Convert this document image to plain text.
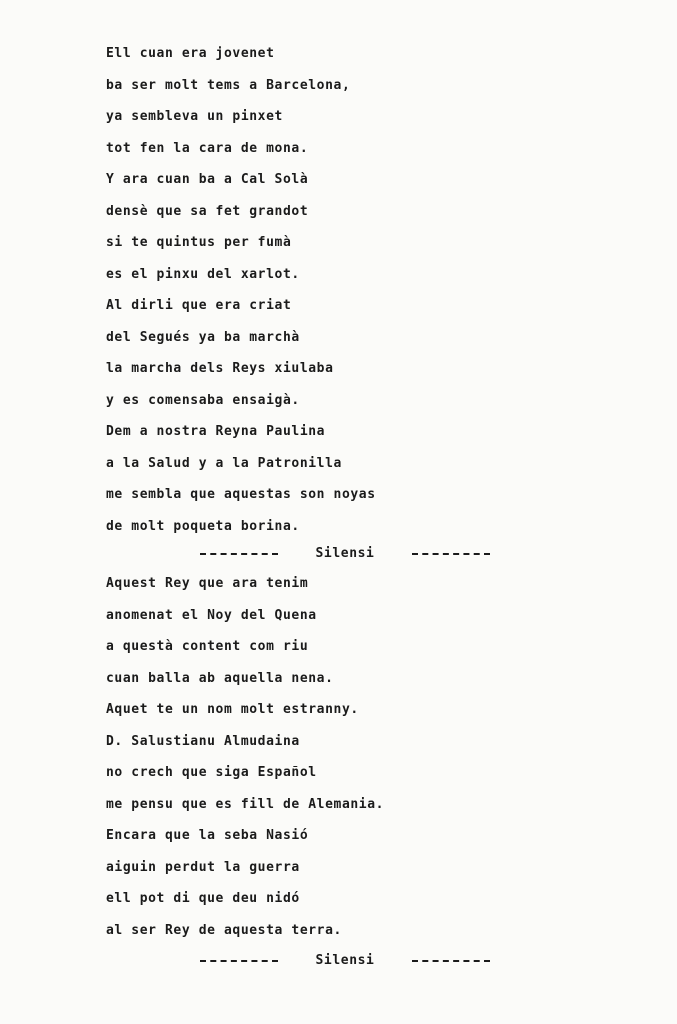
Ell cuan era jovenet
ba ser molt tems a Barcelona,
ya sembleva un pinxet
tot fen la cara de mona.
Y ara cuan ba a Cal Solà
densè que sa fet grandot
si te quintus per fumà
es el pinxu del xarlot.
Al dirli que era criat
del Segués ya ba marchà
la marcha dels Reys xiulaba
y es comensaba ensaigà.
Dem a nostra Reyna Paulina
a la Salud y a la Patronilla
me sembla que aquestas son noyas
de molt poqueta borina.
Silensi
Aquest Rey que ara tenim
anomenat el Noy del Quena
a questà content com riu
cuan balla ab aquella nena.
Aquet te un nom molt estranny.
D. Salustianu Almudaina
no crech que siga Español
me pensu que es fill de Alemania.
Encara que la seba Nasió
aiguin perdut la guerra
ell pot di que deu nidó
al ser Rey de aquesta terra.
Silensi
